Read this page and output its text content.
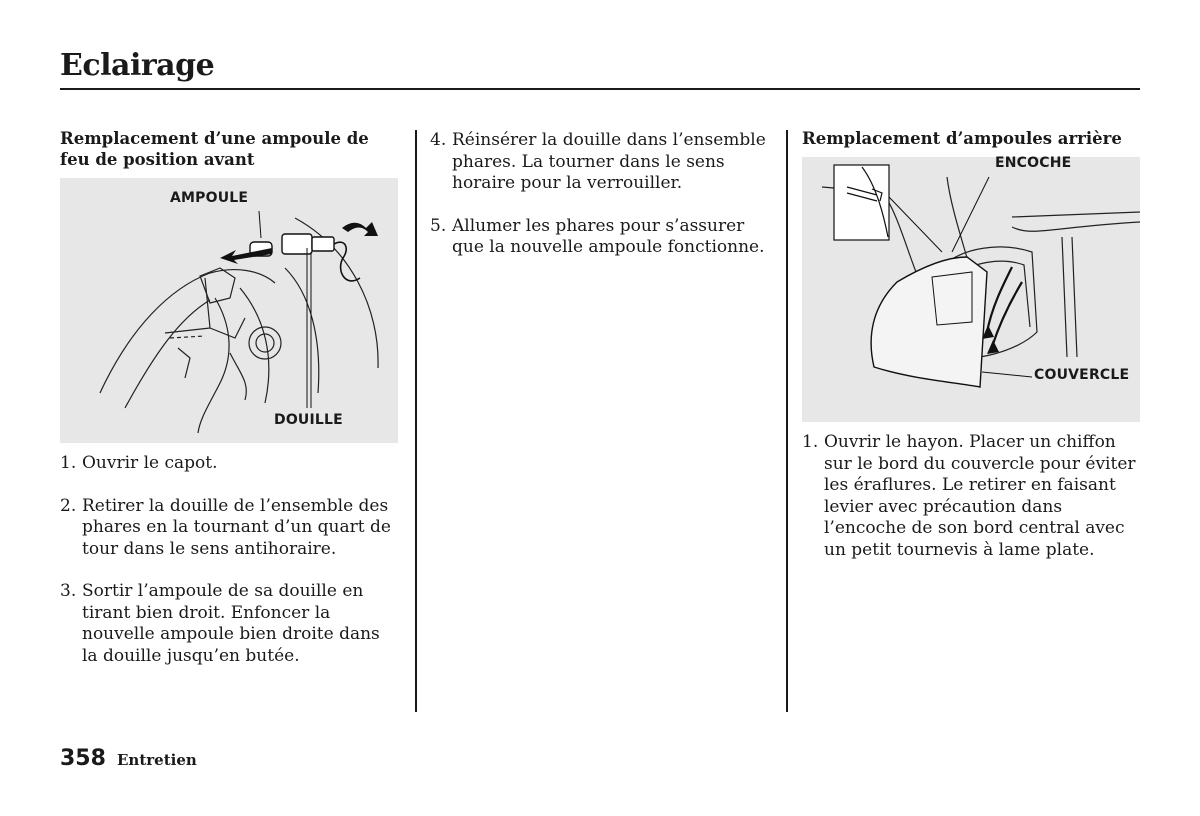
Eclairage
Remplacement d’une ampoule de feu de position avant
AMPOULE
DOUILLE
1. Ouvrir le capot.
2. Retirer la douille de l’ensemble des phares en la tournant d’un quart de tour dans le sens antihoraire.
3. Sortir l’ampoule de sa douille en tirant bien droit. Enfoncer la nouvelle ampoule bien droite dans la douille jusqu’en butée.
4. Réinsérer la douille dans l’ensemble phares. La tourner dans le sens horaire pour la verrouiller.
5. Allumer les phares pour s’assurer que la nouvelle ampoule fonctionne.
Remplacement d’ampoules arrière
ENCOCHE
COUVERCLE
1. Ouvrir le hayon. Placer un chiffon sur le bord du couvercle pour éviter les éraflures. Le retirer en faisant levier avec précaution dans l’encoche de son bord central avec un petit tournevis à lame plate.
358 Entretien
